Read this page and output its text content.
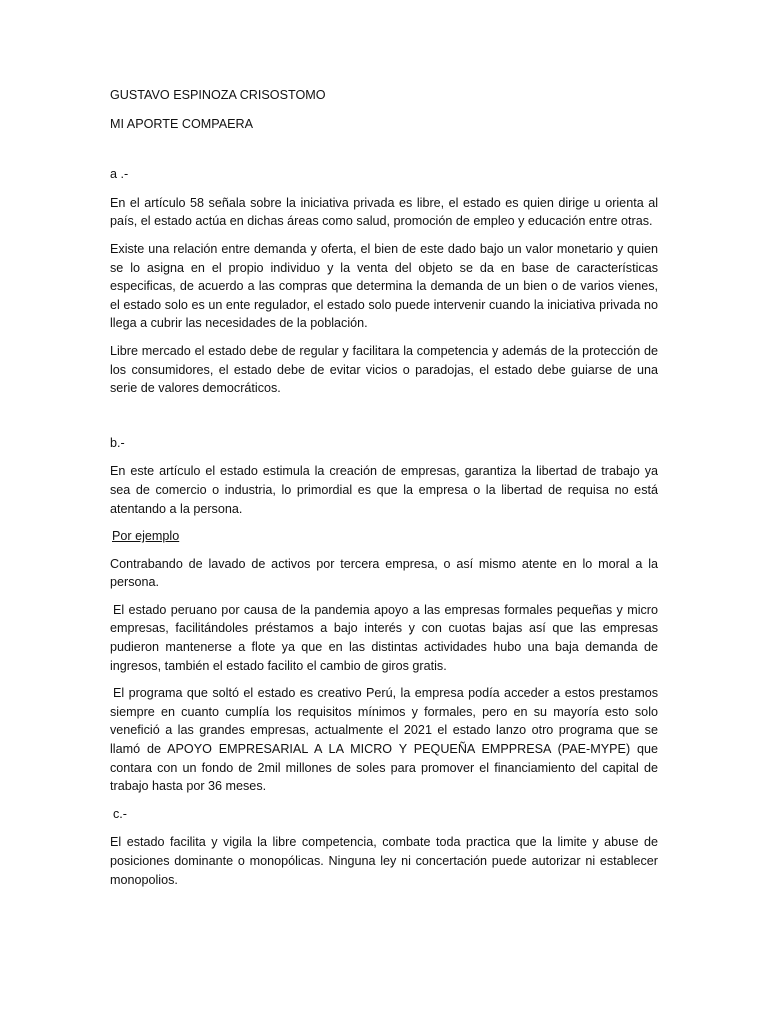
GUSTAVO ESPINOZA CRISOSTOMO

MI APORTE COMPAERA

a .-

En el artículo 58 señala sobre la iniciativa privada es libre, el estado es quien dirige u orienta al país, el estado actúa en dichas áreas como salud, promoción de empleo y educación entre otras.

Existe una relación entre demanda y oferta, el bien de este dado bajo un valor monetario y quien se lo asigna en el propio individuo y la venta del objeto se da en base de características especificas, de acuerdo a las compras que determina la demanda de un bien o de varios vienes, el estado solo es un ente regulador, el estado solo puede intervenir cuando la iniciativa privada no llega a cubrir las necesidades de la población.

Libre mercado el estado debe de regular y facilitara la competencia y además de la protección de los consumidores, el estado debe de evitar vicios o paradojas, el estado debe guiarse de una serie de valores democráticos.

b.-

En este artículo el estado estimula la creación de empresas, garantiza la libertad de trabajo ya sea de comercio o industria, lo primordial es que la empresa o la libertad de requisa no está atentando a la persona.

Por ejemplo

Contrabando de lavado de activos por tercera empresa, o así mismo atente en lo moral a la persona.

El estado peruano por causa de la pandemia apoyo a las empresas formales pequeñas y micro empresas, facilitándoles préstamos a bajo interés y con cuotas bajas así que las empresas pudieron mantenerse a flote ya que en las distintas actividades hubo una baja demanda de ingresos, también el estado facilito el cambio de giros gratis.

El programa que soltó el estado es creativo Perú, la empresa podía acceder a estos prestamos siempre en cuanto cumplía los requisitos mínimos y formales, pero en su mayoría esto solo venefició a las grandes empresas, actualmente el 2021 el estado lanzo otro programa que se llamó de APOYO EMPRESARIAL A LA MICRO Y PEQUEÑA EMPPRESA (PAE-MYPE) que contara con un fondo de 2mil millones de soles para promover el financiamiento del capital de trabajo hasta por 36 meses.

c.-

El estado facilita y vigila la libre competencia, combate toda practica que la limite y abuse de posiciones dominante o monopólicas. Ninguna ley ni concertación puede autorizar ni establecer monopolios.
